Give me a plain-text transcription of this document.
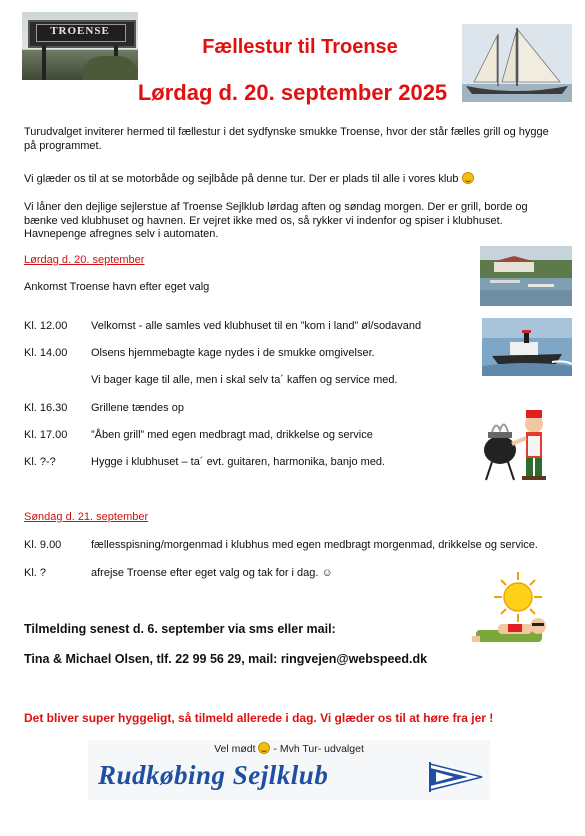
TROENSE
Fællestur til Troense
Lørdag d. 20. september 2025
Turudvalget inviterer hermed til fællestur i det sydfynske smukke Troense, hvor der står fælles grill og hygge på programmet.
Vi glæder os til at se motorbåde og sejlbåde på denne tur. Der er plads til alle i vores klub
Vi låner den dejlige sejlerstue af Troense Sejlklub lørdag aften og søndag morgen. Der er grill, borde og bænke ved klubhuset og havnen. Er vejret ikke med os, så rykker vi indenfor og spiser i klubhuset. Havnepenge afregnes selv i automaten.
Lørdag d. 20. september
Ankomst Troense havn efter eget valg
Kl. 12.00 Velkomst - alle samles ved klubhuset til en ”kom i land” øl/sodavand
Kl. 14.00 Olsens hjemmebagte kage nydes i de smukke omgivelser.
Vi bager kage til alle, men i skal selv ta´ kaffen og service med.
Kl. 16.30 Grillene tændes op
Kl. 17.00 ”Åben grill” med egen medbragt mad, drikkelse og service
Kl. ?-?	Hygge i klubhuset – ta´ evt. guitaren, harmonika, banjo med.
Søndag d. 21. september
Kl. 9.00	fællesspisning/morgenmad i klubhus med egen medbragt morgenmad, drikkelse og service.
Kl. ?	afrejse Troense efter eget valg og tak for i dag. ☺
Tilmelding senest d. 6. september via sms eller mail:
Tina & Michael Olsen, tlf. 22 99 56 29, mail: ringvejen@webspeed.dk
Det bliver super hyggeligt, så tilmeld allerede i dag. Vi glæder os til at høre fra jer !
Vel mødt - Mvh Tur- udvalget
Rudkøbing Sejlklub
